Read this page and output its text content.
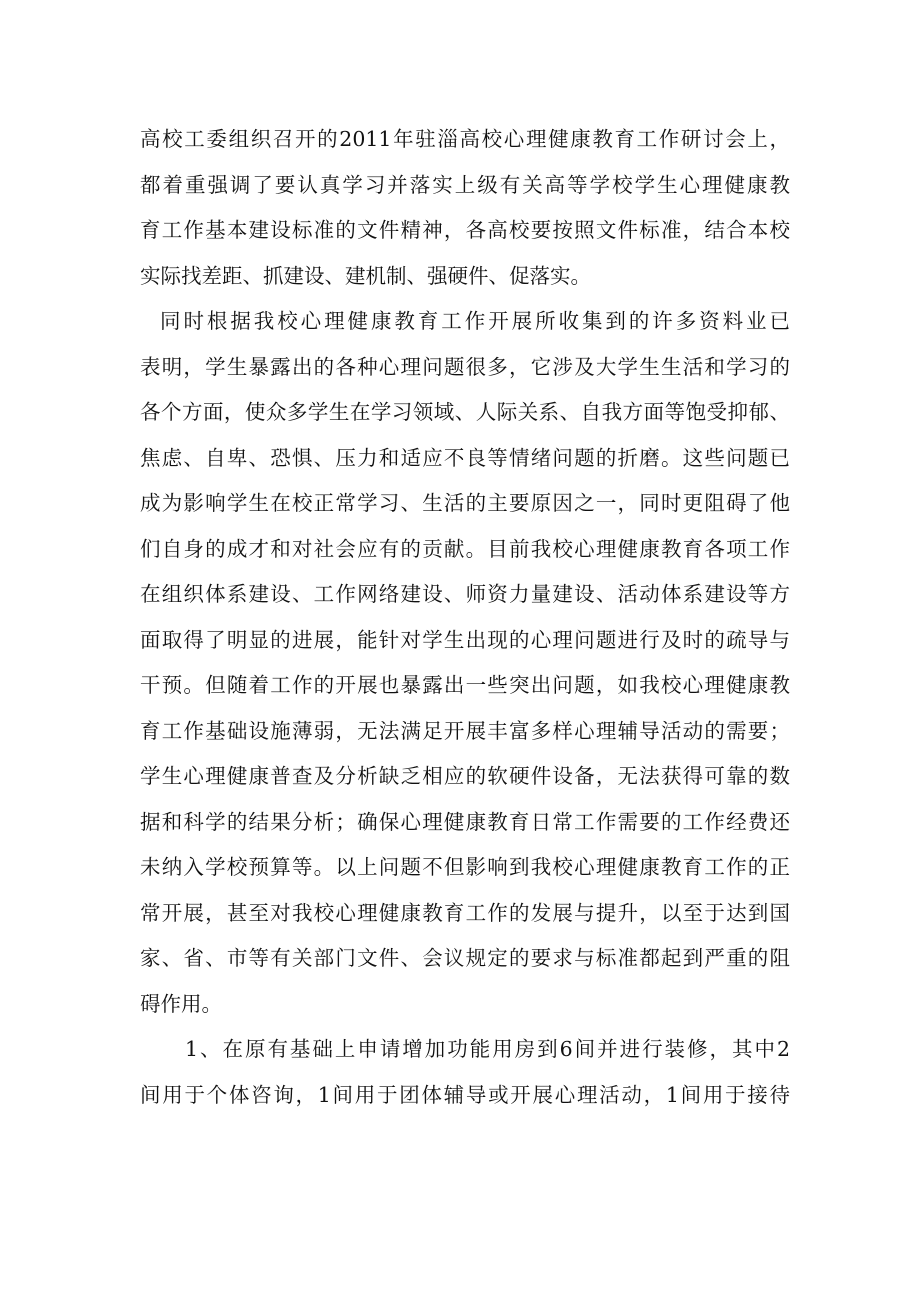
高校工委组织召开的2011年驻淄高校心理健康教育工作研讨会上，
都着重强调了要认真学习并落实上级有关高等学校学生心理健康教
育工作基本建设标准的文件精神，各高校要按照文件标准，结合本校
实际找差距、抓建设、建机制、强硬件、促落实。
同时根据我校心理健康教育工作开展所收集到的许多资料业已
表明，学生暴露出的各种心理问题很多，它涉及大学生生活和学习的
各个方面，使众多学生在学习领域、人际关系、自我方面等饱受抑郁、
焦虑、自卑、恐惧、压力和适应不良等情绪问题的折磨。这些问题已
成为影响学生在校正常学习、生活的主要原因之一，同时更阻碍了他
们自身的成才和对社会应有的贡献。目前我校心理健康教育各项工作
在组织体系建设、工作网络建设、师资力量建设、活动体系建设等方
面取得了明显的进展，能针对学生出现的心理问题进行及时的疏导与
干预。但随着工作的开展也暴露出一些突出问题，如我校心理健康教
育工作基础设施薄弱，无法满足开展丰富多样心理辅导活动的需要；
学生心理健康普查及分析缺乏相应的软硬件设备，无法获得可靠的数
据和科学的结果分析；确保心理健康教育日常工作需要的工作经费还
未纳入学校预算等。以上问题不但影响到我校心理健康教育工作的正
常开展，甚至对我校心理健康教育工作的发展与提升，以至于达到国
家、省、市等有关部门文件、会议规定的要求与标准都起到严重的阻
碍作用。
1、在原有基础上申请增加功能用房到6间并进行装修，其中2
间用于个体咨询，1间用于团体辅导或开展心理活动，1间用于接待
